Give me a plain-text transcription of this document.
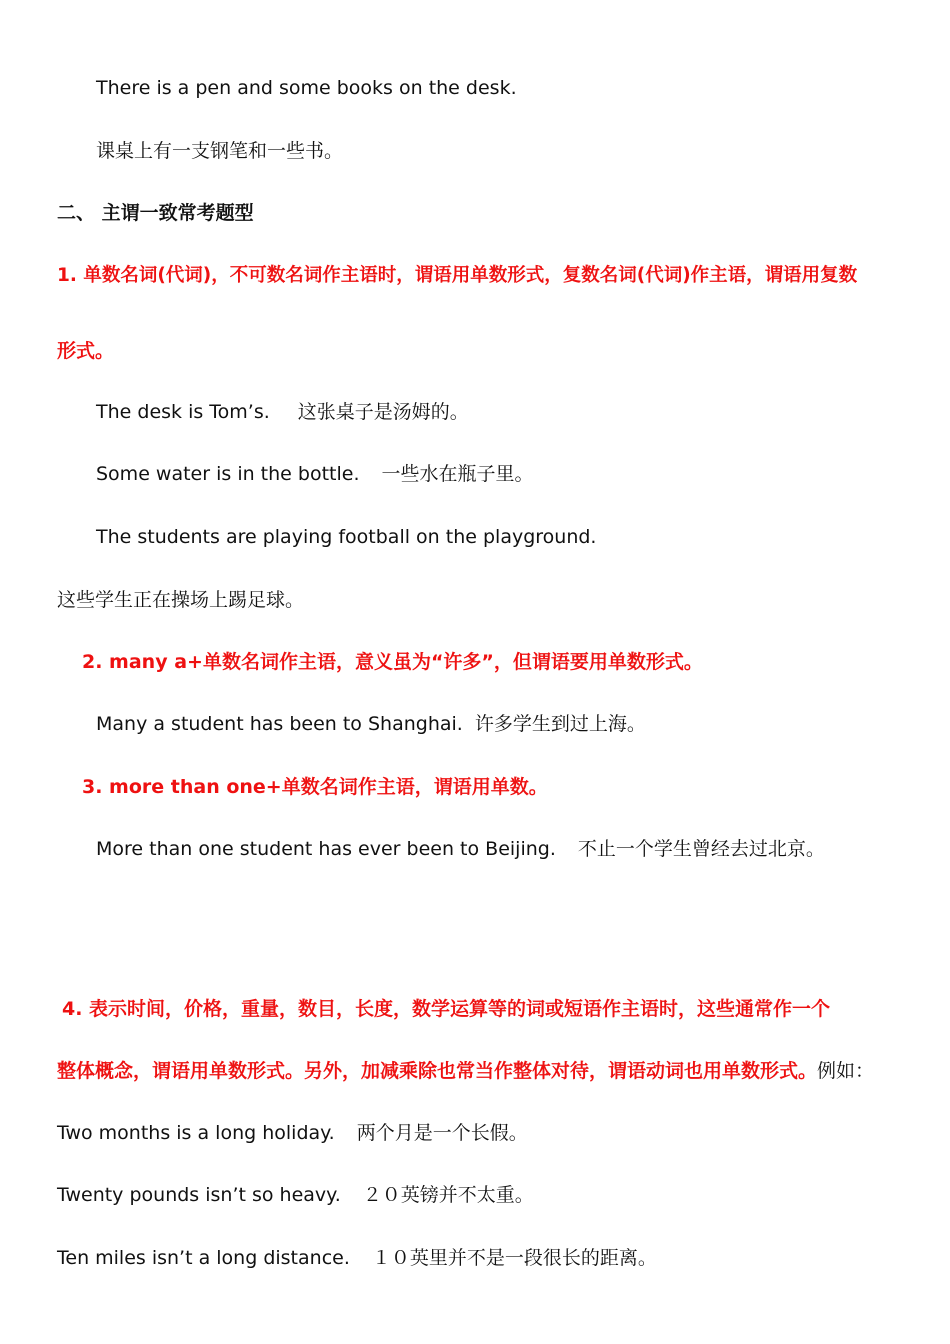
There is a pen and some books on the desk.
课桌上有一支钢笔和一些书。
二、 主谓一致常考题型
1. 单数名词(代词)，不可数名词作主语时，谓语用单数形式，复数名词(代词)作主语，谓语用复数
形式。
The desk is Tom’s. 这张桌子是汤姆的。
Some water is in the bottle. 一些水在瓶子里。
The students are playing football on the playground.
这些学生正在操场上踢足球。
2. many a+单数名词作主语，意义虽为“许多”，但谓语要用单数形式。
Many a student has been to Shanghai. 许多学生到过上海。
3. more than one+单数名词作主语，谓语用单数。
More than one student has ever been to Beijing. 不止一个学生曾经去过北京。
4. 表示时间，价格，重量，数目，长度，数学运算等的词或短语作主语时，这些通常作一个
整体概念，谓语用单数形式。另外，加减乘除也常当作整体对待，谓语动词也用单数形式。例如：
Two months is a long holiday. 两个月是一个长假。
Twenty pounds isn’t so heavy. ２０英镑并不太重。
Ten miles isn’t a long distance. １０英里并不是一段很长的距离。
